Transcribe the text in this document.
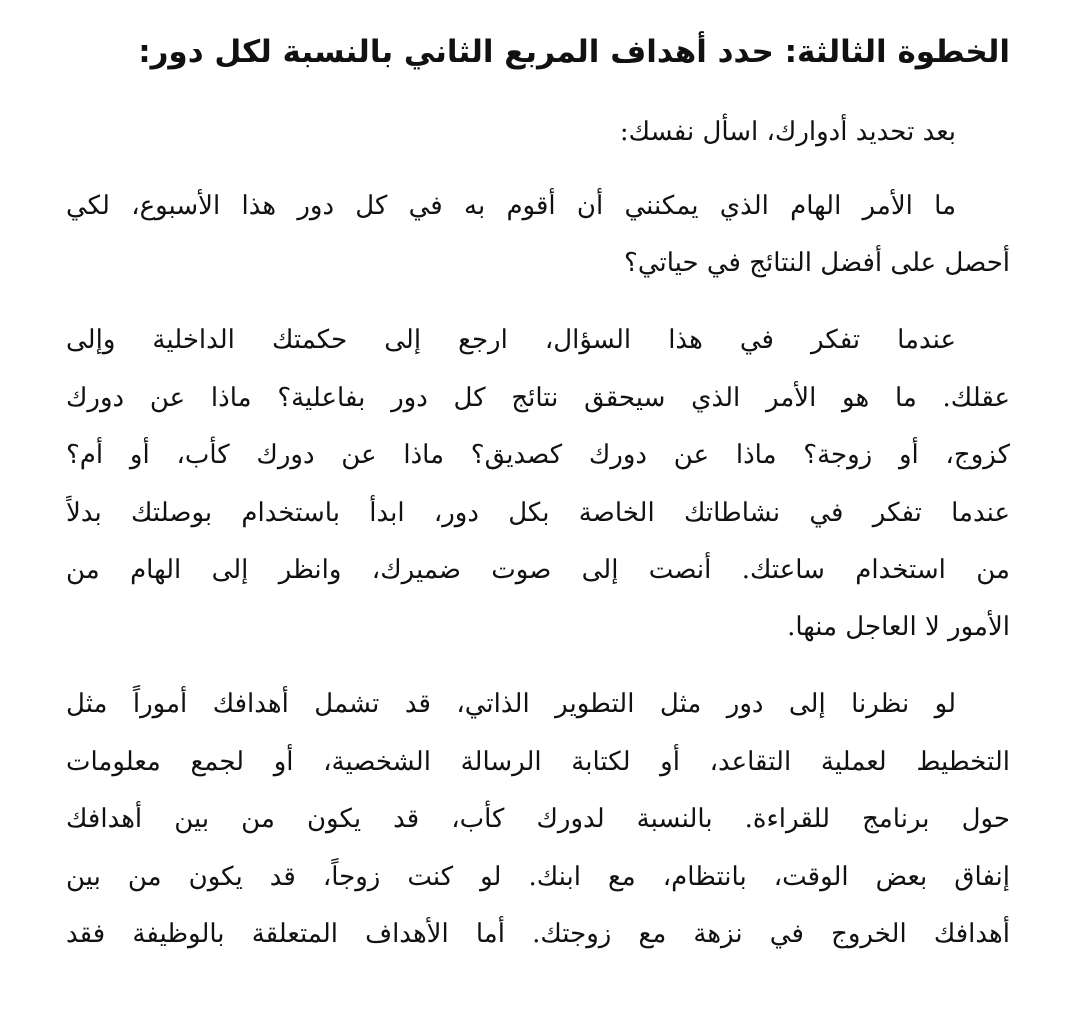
الخطوة الثالثة: حدد أهداف المربع الثاني بالنسبة لكل دور:

بعد تحديد أدوارك، اسأل نفسك:

ما الأمر الهام الذي يمكنني أن أقوم به في كل دور هذا الأسبوع، لكي

أحصل على أفضل النتائج في حياتي؟

عندما تفكر في هذا السؤال، ارجع إلى حكمتك الداخلية وإلى

عقلك. ما هو الأمر الذي سيحقق نتائج كل دور بفاعلية؟ ماذا عن دورك

كزوج، أو زوجة؟ ماذا عن دورك كصديق؟ ماذا عن دورك كأب، أو أم؟

عندما تفكر في نشاطاتك الخاصة بكل دور، ابدأ باستخدام بوصلتك بدلاً

من استخدام ساعتك. أنصت إلى صوت ضميرك، وانظر إلى الهام من

الأمور لا العاجل منها.

لو نظرنا إلى دور مثل التطوير الذاتي، قد تشمل أهدافك أموراً مثل

التخطيط لعملية التقاعد، أو لكتابة الرسالة الشخصية، أو لجمع معلومات

حول برنامج للقراءة. بالنسبة لدورك كأب، قد يكون من بين أهدافك

إنفاق بعض الوقت، بانتظام، مع ابنك. لو كنت زوجاً، قد يكون من بين

أهدافك الخروج في نزهة مع زوجتك. أما الأهداف المتعلقة بالوظيفة فقد
